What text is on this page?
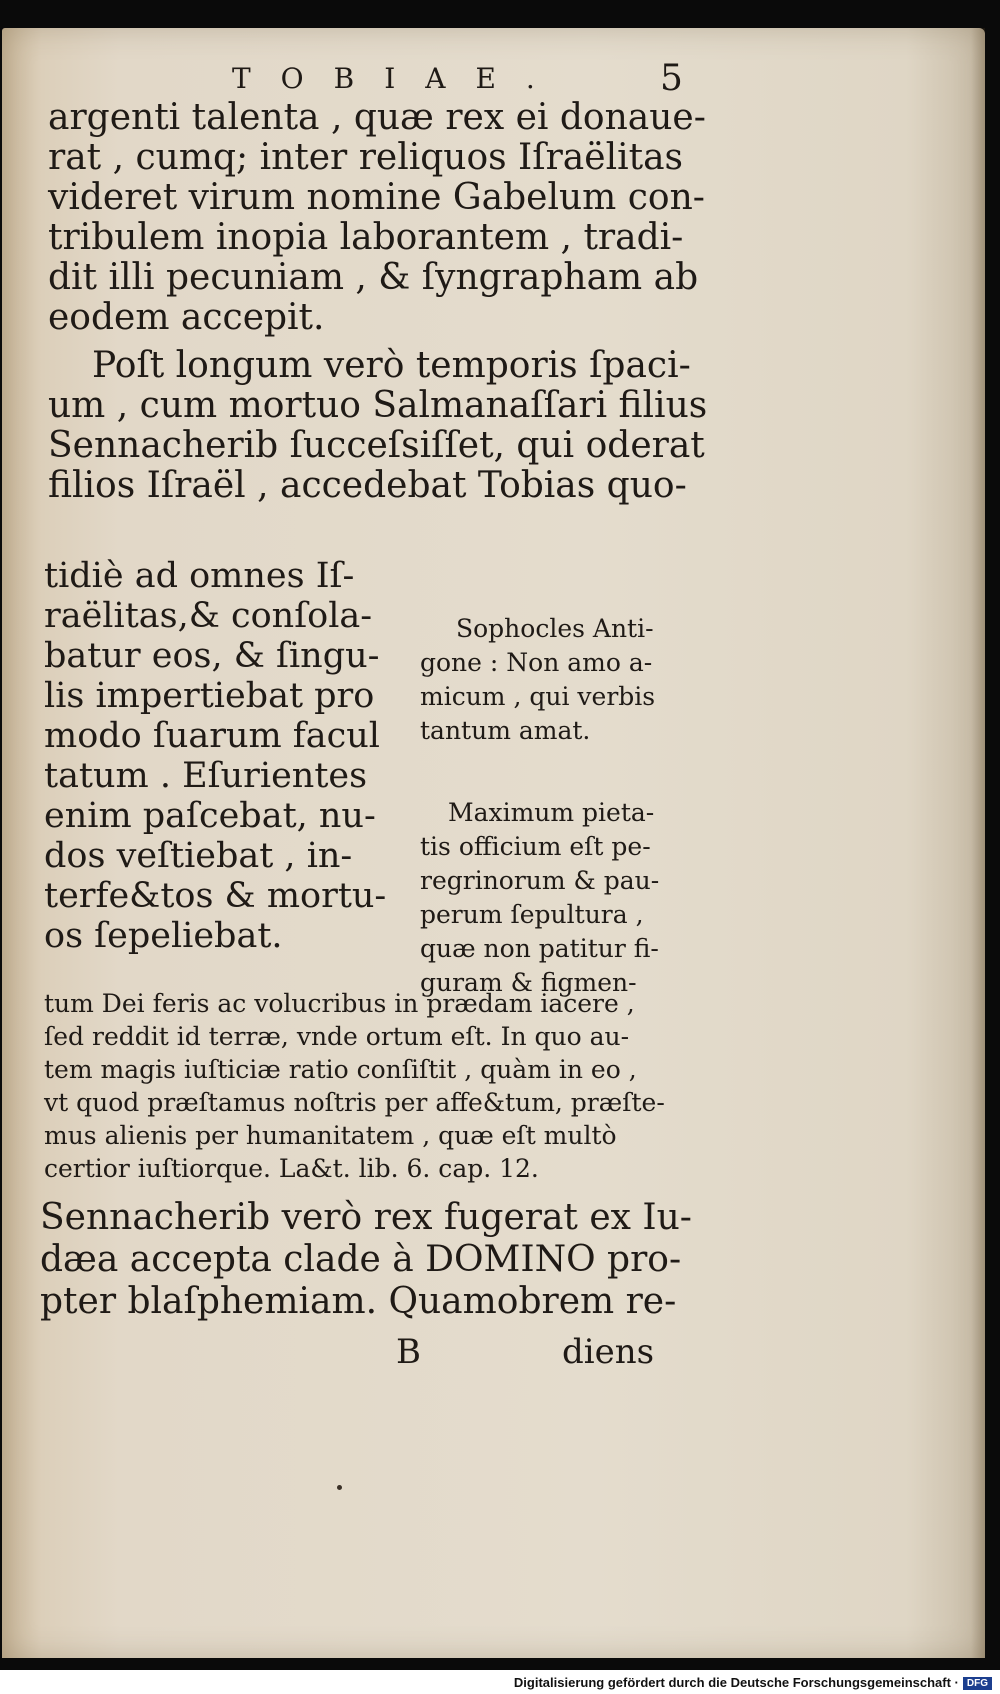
TOBIAE.	5
argenti talenta , quæ rex ei donaue-
rat , cumq; inter reliquos Iſraëlitas
videret virum nomine Gabelum con-
tribulem inopia laborantem , tradi-
dit illi pecuniam , & ſyngrapham ab
eodem accepit.
Poſt longum verò temporis ſpaci-
um , cum mortuo Salmanaſſari filius
Sennacherib ſucceſsiſſet, qui oderat
filios Iſraël , accedebat Tobias quo-
tidiè ad omnes Iſ-
raëlitas,& conſola-
batur eos, & ſingu-
lis impertiebat pro
modo ſuarum facul
tatum . Eſurientes
enim paſcebat, nu-
dos veſtiebat , in-
terfe&tos & mortu-
os ſepeliebat.
Sophocles Anti-
gone : Non amo a-
micum , qui verbis
tantum amat.
Maximum pieta-
tis officium eſt pe-
regrinorum & pau-
perum ſepultura ,
quæ non patitur fi-
guram & figmen-
tum Dei feris ac volucribus in prædam iacere ,
ſed reddit id terræ, vnde ortum eſt. In quo au-
tem magis iuſticiæ ratio conſiſtit , quàm in eo ,
vt quod præſtamus noſtris per affe&tum, præſte-
mus alienis per humanitatem , quæ eſt multò
certior iuſtiorque. La&t. lib. 6. cap. 12.
Sennacherib verò rex fugerat ex Iu-
dæa accepta clade à DOMINO pro-
pter blaſphemiam. Quamobrem re-
B	diens
Digitalisierung gefördert durch die Deutsche Forschungsgemeinschaft · DFG
